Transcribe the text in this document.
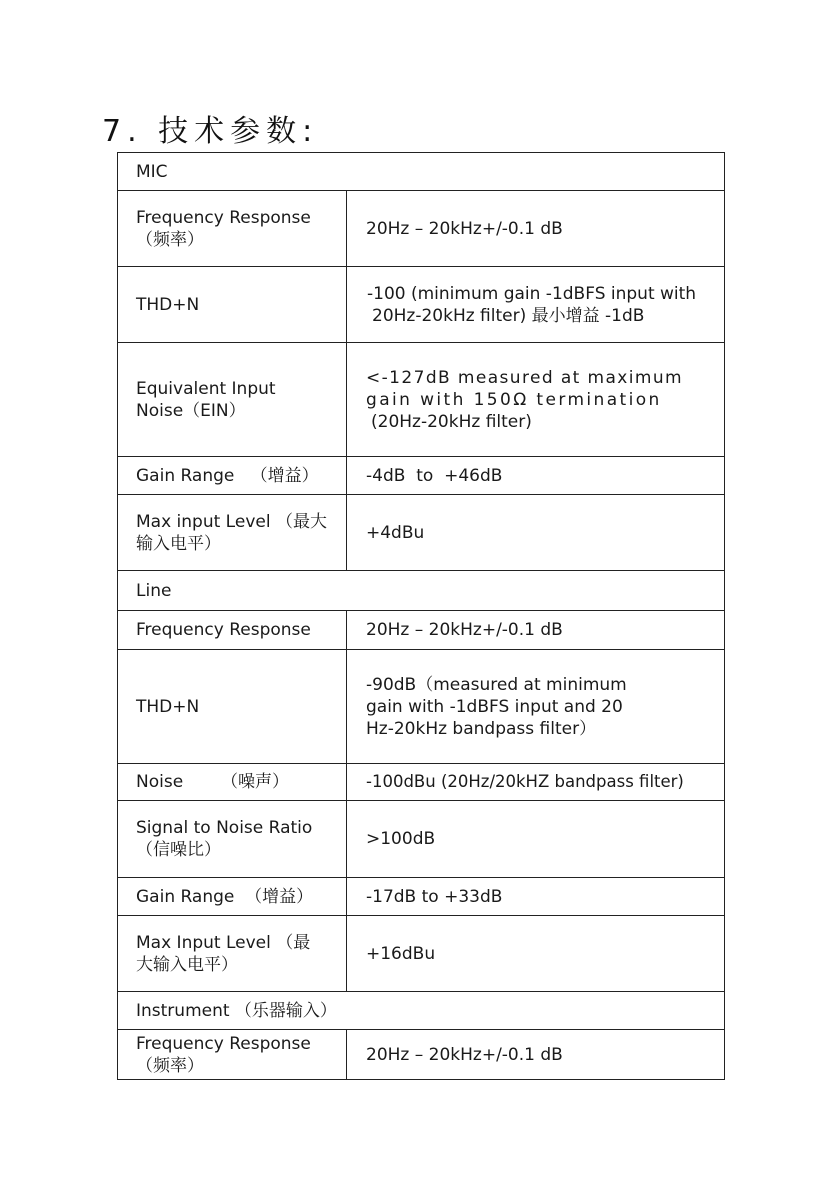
7. 技术参数:
MIC	

Frequency Response
（频率）	20Hz – 20kHz+/-0.1 dB

THD+N	-100 (minimum gain -1dBFS input with
20Hz-20kHz filter) 最小增益 -1dB

Equivalent Input
Noise（EIN）	<-127dB measured at maximum
gain with 150Ω termination
(20Hz-20kHz filter)

Gain Range   （增益）	-4dB  to  +46dB

Max input Level （最大
输入电平）	+4dBu

Line	

Frequency Response	20Hz – 20kHz+/-0.1 dB

THD+N	-90dB（measured at minimum
gain with -1dBFS input and 20
Hz-20kHz bandpass filter）

Noise       （噪声）	-100dBu (20Hz/20kHZ bandpass filter)

Signal to Noise Ratio
（信噪比）	>100dB

Gain Range  （增益）	-17dB to +33dB

Max Input Level （最
大输入电平）	+16dBu

Instrument （乐器输入）	

Frequency Response
（频率）	20Hz – 20kHz+/-0.1 dB
